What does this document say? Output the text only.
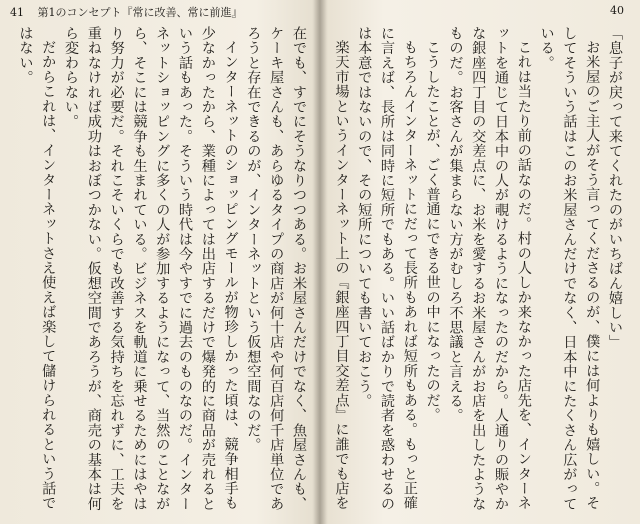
41 第1のコンセプト『常に改善、常に前進』

在でも、すでにそうなりつつある。お米屋さんだけでなく、魚屋さんも、ケーキ屋さんも、あらゆるタイプの商店が何十店や何百店何千店単位であろうと存在できるのが、インターネットという仮想空間なのだ。

インターネットのショッピングモールが物珍しかった頃は、競争相手も少なかったから、業種によっては出店するだけで爆発的に商品が売れるという話もあった。そういう時代は今やすでに過去のものなのだ。インターネットショッピングに多くの人が参加するようになって、当然のことながら、そこには競争も生まれている。ビジネスを軌道に乗せるためにはやはり努力が必要だ。それこそいくらでも改善する気持ちを忘れずに、工夫を重ねなければ成功はおぼつかない。仮想空間であろうが、商売の基本は何ら変わらない。

だからこれは、インターネットさえ使えば楽して儲けられるという話ではない。

40

「息子が戻って来てくれたのがいちばん嬉しい」

お米屋のご主人がそう言ってくださるのが、僕には何よりも嬉しい。そしてそういう話はこのお米屋さんだけでなく、日本中にたくさん広がっている。

これは当たり前の話なのだ。村の人しか来なかった店先を、インターネットを通じて日本中の人が覗けるようになったのだから。人通りの賑やかな銀座四丁目の交差点に、お米を愛するお米屋さんがお店を出したようなものだ。お客さんが集まらない方がむしろ不思議と言える。

こうしたことが、ごく普通にできる世の中になったのだ。

もちろんインターネットにだって長所もあれば短所もある。もっと正確に言えば、長所は同時に短所でもある。いい話ばかりで読者を惑わせるのは本意ではないので、その短所についても書いておこう。

楽天市場というインターネット上の『銀座四丁目交差点』に誰でも店を
